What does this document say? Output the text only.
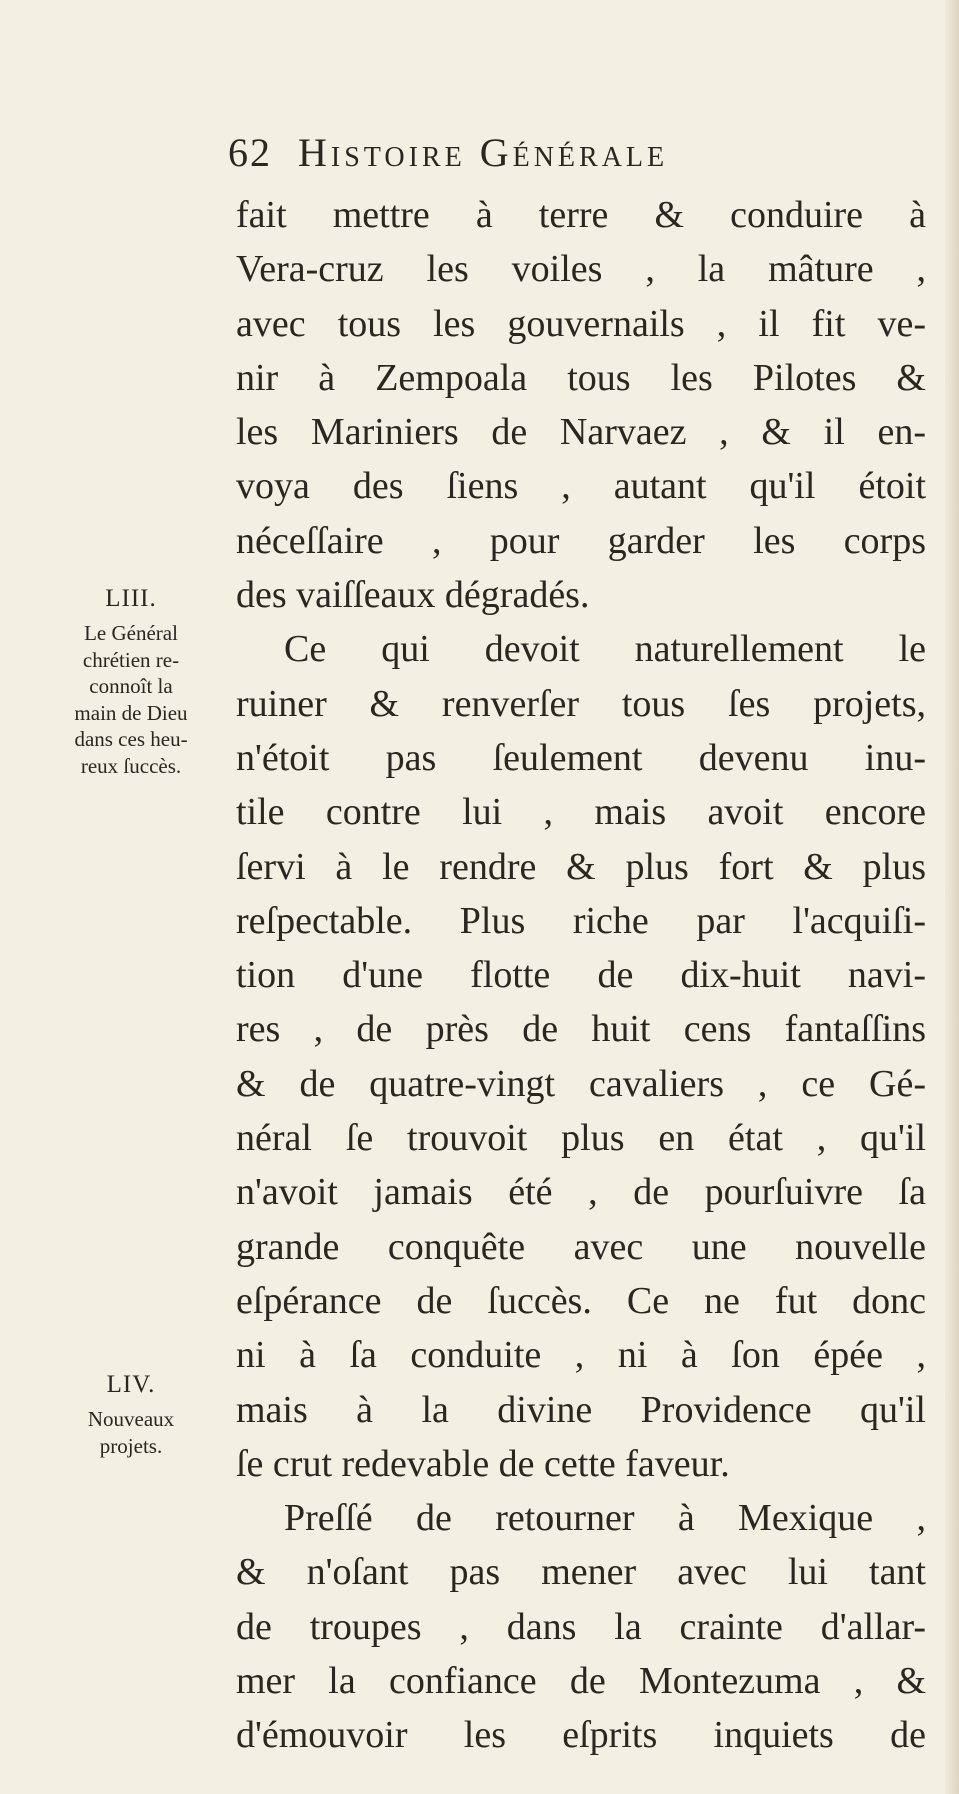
62 Histoire Générale
fait mettre à terre & conduire à
Vera-cruz les voiles , la mâture ,
avec tous les gouvernails , il fit ve-
nir à Zempoala tous les Pilotes &
les Mariniers de Narvaez , & il en-
voya des ſiens , autant qu'il étoit
néceſſaire , pour garder les corps
des vaiſſeaux dégradés.
Ce qui devoit naturellement le
ruiner & renverſer tous ſes projets,
n'étoit pas ſeulement devenu inu-
tile contre lui , mais avoit encore
ſervi à le rendre & plus fort & plus
reſpectable. Plus riche par l'acquiſi-
tion d'une flotte de dix-huit navi-
res , de près de huit cens fantaſſins
& de quatre-vingt cavaliers , ce Gé-
néral ſe trouvoit plus en état , qu'il
n'avoit jamais été , de pourſuivre ſa
grande conquête avec une nouvelle
eſpérance de ſuccès. Ce ne fut donc
ni à ſa conduite , ni à ſon épée ,
mais à la divine Providence qu'il
ſe crut redevable de cette faveur.
Preſſé de retourner à Mexique ,
& n'oſant pas mener avec lui tant
de troupes , dans la crainte d'allar-
mer la confiance de Montezuma , &
d'émouvoir les eſprits inquiets de
LIII.
Le Général
chrétien re-
connoît la
main de Dieu
dans ces heu-
reux ſuccès.
LIV.
Nouveaux
projets.
